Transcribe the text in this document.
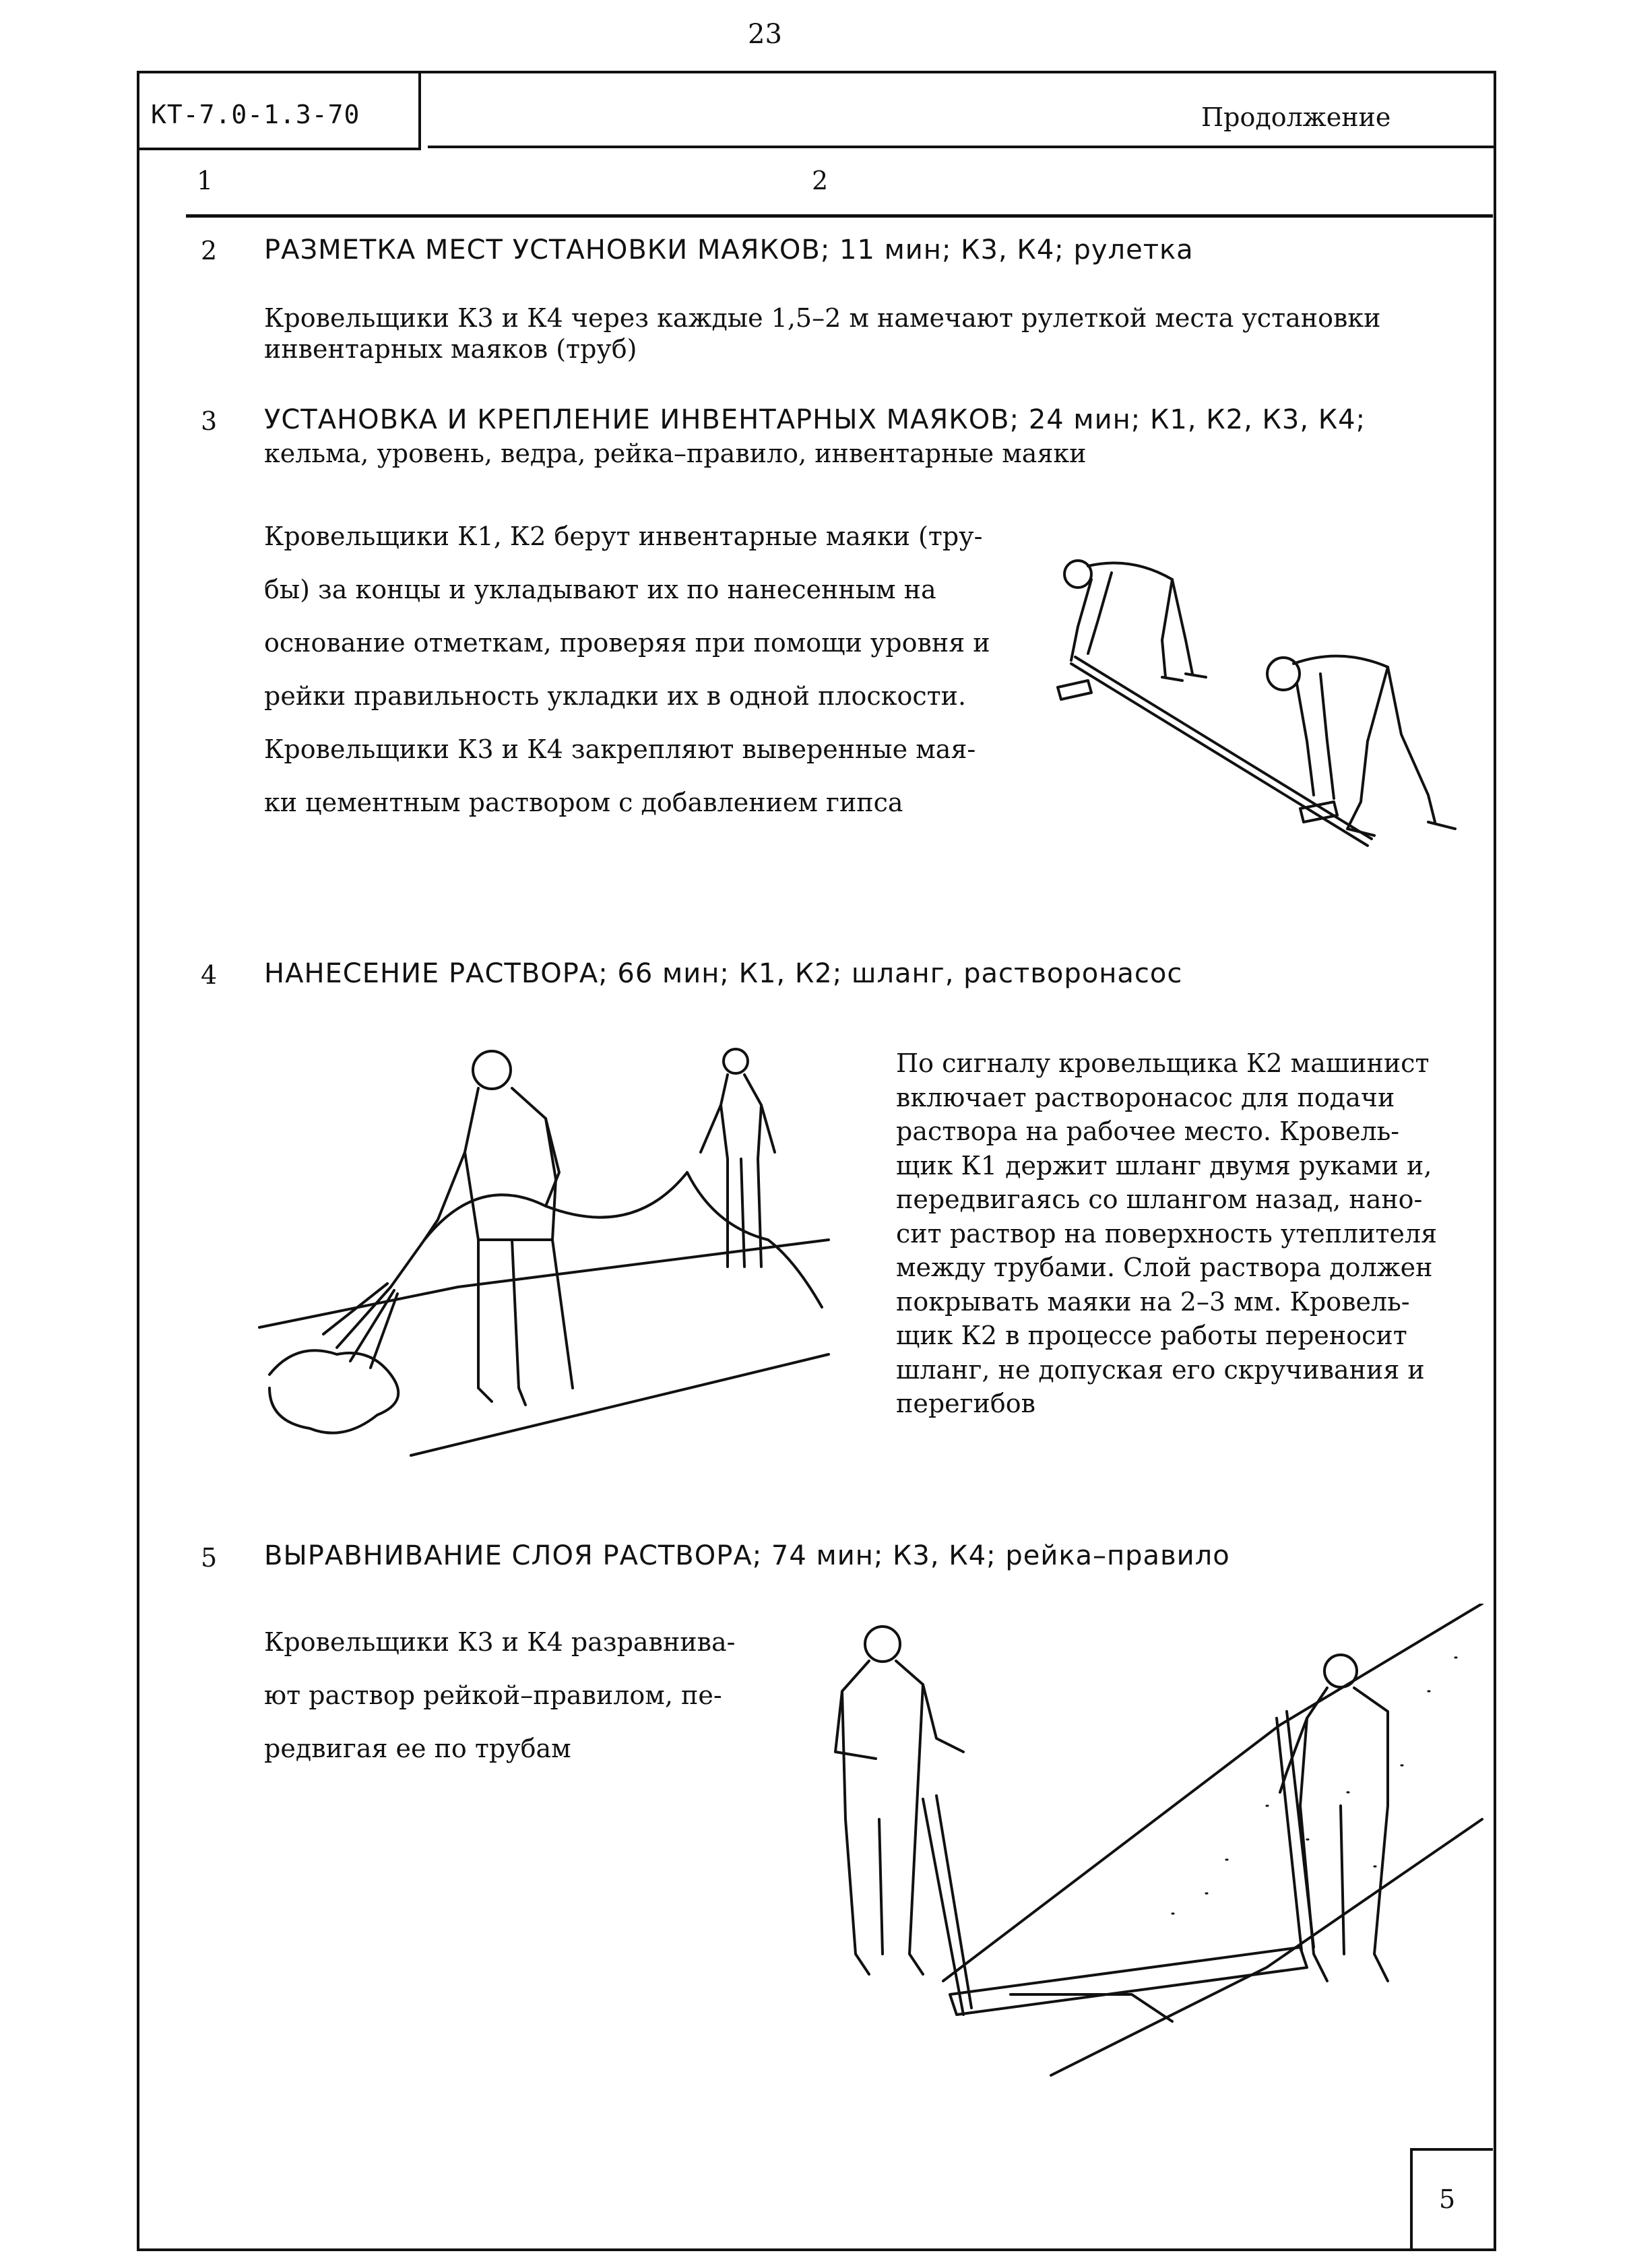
23
КТ-7.0-1.3-70	Продолжение
1	2
2 РАЗМЕТКА МЕСТ УСТАНОВКИ МАЯКОВ; 11 мин; К3, К4; рулетка
Кровельщики К3 и К4 через каждые 1,5–2 м намечают рулеткой места установки
инвентарных маяков (труб)
3 УСТАНОВКА И КРЕПЛЕНИЕ ИНВЕНТАРНЫХ МАЯКОВ; 24 мин; К1, К2, К3, К4;
кельма, уровень, ведра, рейка–правило, инвентарные маяки
Кровельщики К1, К2 берут инвентарные маяки (тру-
бы) за концы и укладывают их по нанесенным на
основание отметкам, проверяя при помощи уровня и
рейки правильность укладки их в одной плоскости.
Кровельщики К3 и К4 закрепляют выверенные мая-
ки цементным раствором с добавлением гипса
4 НАНЕСЕНИЕ РАСТВОРА; 66 мин; К1, К2; шланг, растворонасос
По сигналу кровельщика К2 машинист
включает растворонасос для подачи
раствора на рабочее место. Кровель-
щик К1 держит шланг двумя руками и,
передвигаясь со шлангом назад, нано-
сит раствор на поверхность утеплителя
между трубами. Слой раствора должен
покрывать маяки на 2–3 мм. Кровель-
щик К2 в процессе работы переносит
шланг, не допуская его скручивания и
перегибов
5 ВЫРАВНИВАНИЕ СЛОЯ РАСТВОРА; 74 мин; К3, К4; рейка–правило
Кровельщики К3 и К4 разравнива-
ют раствор рейкой–правилом, пе-
редвигая ее по трубам
5
